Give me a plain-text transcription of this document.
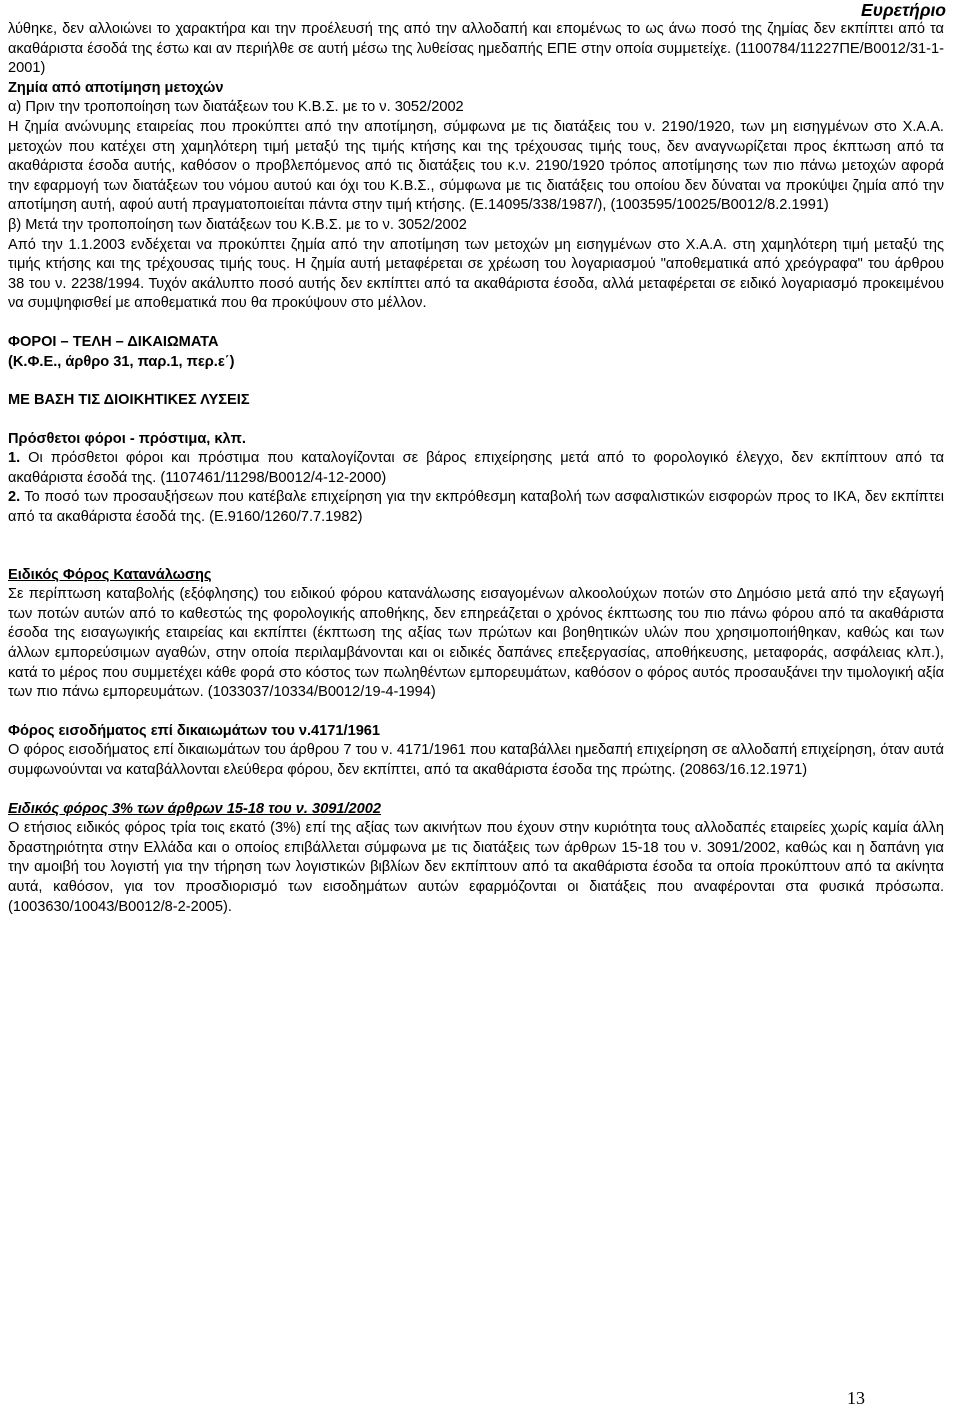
Ευρετήριο

λύθηκε, δεν αλλοιώνει το χαρακτήρα και την προέλευσή της από την αλλοδαπή και επομένως το ως άνω ποσό της ζημίας δεν εκπίπτει από τα ακαθάριστα έσοδά της έστω και αν περιήλθε σε αυτή μέσω της λυθείσας ημεδαπής ΕΠΕ στην οποία συμμετείχε. (1100784/11227ΠΕ/Β0012/31-1-2001)

Ζημία από αποτίμηση μετοχών

α) Πριν την τροποποίηση των διατάξεων του Κ.Β.Σ. με το ν. 3052/2002

Η ζημία ανώνυμης εταιρείας που προκύπτει από την αποτίμηση, σύμφωνα με τις διατάξεις του ν. 2190/1920, των μη εισηγμένων στο Χ.Α.Α. μετοχών που κατέχει στη χαμηλότερη τιμή μεταξύ της τιμής κτήσης και της τρέχουσας τιμής τους, δεν αναγνωρίζεται προς έκπτωση από τα ακαθάριστα έσοδα αυτής, καθόσον ο προβλεπόμενος από τις διατάξεις του κ.ν. 2190/1920 τρόπος αποτίμησης των πιο πάνω μετοχών αφορά την εφαρμογή των διατάξεων του νόμου αυτού και όχι του Κ.Β.Σ., σύμφωνα με τις διατάξεις του οποίου δεν δύναται να προκύψει ζημία από την αποτίμηση αυτή, αφού αυτή πραγματοποιείται πάντα στην τιμή κτήσης. (Ε.14095/338/1987/), (1003595/10025/Β0012/8.2.1991)

β) Μετά την τροποποίηση των διατάξεων του Κ.Β.Σ. με το ν. 3052/2002

Από την 1.1.2003 ενδέχεται να προκύπτει ζημία από την αποτίμηση των μετοχών μη εισηγμένων στο Χ.Α.Α. στη χαμηλότερη τιμή μεταξύ της τιμής κτήσης και της τρέχουσας τιμής τους. Η ζημία αυτή μεταφέρεται σε χρέωση του λογαριασμού "αποθεματικά από χρεόγραφα" του άρθρου 38 του ν. 2238/1994. Τυχόν ακάλυπτο ποσό αυτής δεν εκπίπτει από τα ακαθάριστα έσοδα, αλλά μεταφέρεται σε ειδικό λογαριασμό προκειμένου να συμψηφισθεί με αποθεματικά που θα προκύψουν στο μέλλον.

ΦΟΡΟΙ – ΤΕΛΗ – ΔΙΚΑΙΩΜΑΤΑ

(Κ.Φ.Ε., άρθρο 31, παρ.1, περ.ε΄)

ΜΕ ΒΑΣΗ ΤΙΣ ΔΙΟΙΚΗΤΙΚΕΣ ΛΥΣΕΙΣ

Πρόσθετοι φόροι - πρόστιμα, κλπ.

1. Οι πρόσθετοι φόροι και πρόστιμα που καταλογίζονται σε βάρος επιχείρησης μετά από το φορολογικό έλεγχο, δεν εκπίπτουν από τα ακαθάριστα έσοδά της. (1107461/11298/Β0012/4-12-2000)

2. Το ποσό των προσαυξήσεων που κατέβαλε επιχείρηση για την εκπρόθεσμη καταβολή των ασφαλιστικών εισφορών προς το ΙΚΑ, δεν εκπίπτει από τα ακαθάριστα έσοδά της. (Ε.9160/1260/7.7.1982)

Ειδικός Φόρος Κατανάλωσης

Σε περίπτωση καταβολής (εξόφλησης) του ειδικού φόρου κατανάλωσης εισαγομένων αλκοολούχων ποτών στο Δημόσιο μετά από την εξαγωγή των ποτών αυτών από το καθεστώς της φορολογικής αποθήκης, δεν επηρεάζεται ο χρόνος έκπτωσης του πιο πάνω φόρου από τα ακαθάριστα έσοδα της εισαγωγικής εταιρείας και εκπίπτει (έκπτωση της αξίας των πρώτων και βοηθητικών υλών που χρησιμοποιήθηκαν, καθώς και των άλλων εμπορεύσιμων αγαθών, στην οποία περιλαμβάνονται και οι ειδικές δαπάνες επεξεργασίας, αποθήκευσης, μεταφοράς, ασφάλειας κλπ.), κατά το μέρος που συμμετέχει κάθε φορά στο κόστος των πωληθέντων εμπορευμάτων, καθόσον ο φόρος αυτός προσαυξάνει την τιμολογική αξία των πιο πάνω εμπορευμάτων. (1033037/10334/Β0012/19-4-1994)

Φόρος εισοδήματος επί δικαιωμάτων του ν.4171/1961

Ο φόρος εισοδήματος επί δικαιωμάτων του άρθρου 7 του ν. 4171/1961 που καταβάλλει ημεδαπή επιχείρηση σε αλλοδαπή επιχείρηση, όταν αυτά συμφωνούνται να καταβάλλονται ελεύθερα φόρου, δεν εκπίπτει, από τα ακαθάριστα έσοδα της πρώτης. (20863/16.12.1971)

Ειδικός φόρος 3% των άρθρων 15-18 του ν. 3091/2002

Ο ετήσιος ειδικός φόρος τρία τοις εκατό (3%) επί της αξίας των ακινήτων που έχουν στην κυριότητα τους αλλοδαπές εταιρείες χωρίς καμία άλλη δραστηριότητα στην Ελλάδα και ο οποίος επιβάλλεται σύμφωνα με τις διατάξεις των άρθρων 15-18 του ν. 3091/2002, καθώς και η δαπάνη για την αμοιβή του λογιστή για την τήρηση των λογιστικών βιβλίων δεν εκπίπτουν από τα ακαθάριστα έσοδα τα οποία προκύπτουν από τα ακίνητα αυτά, καθόσον, για τον προσδιορισμό των εισοδημάτων αυτών εφαρμόζονται οι διατάξεις που αναφέρονται στα φυσικά πρόσωπα. (1003630/10043/Β0012/8-2-2005).

13
